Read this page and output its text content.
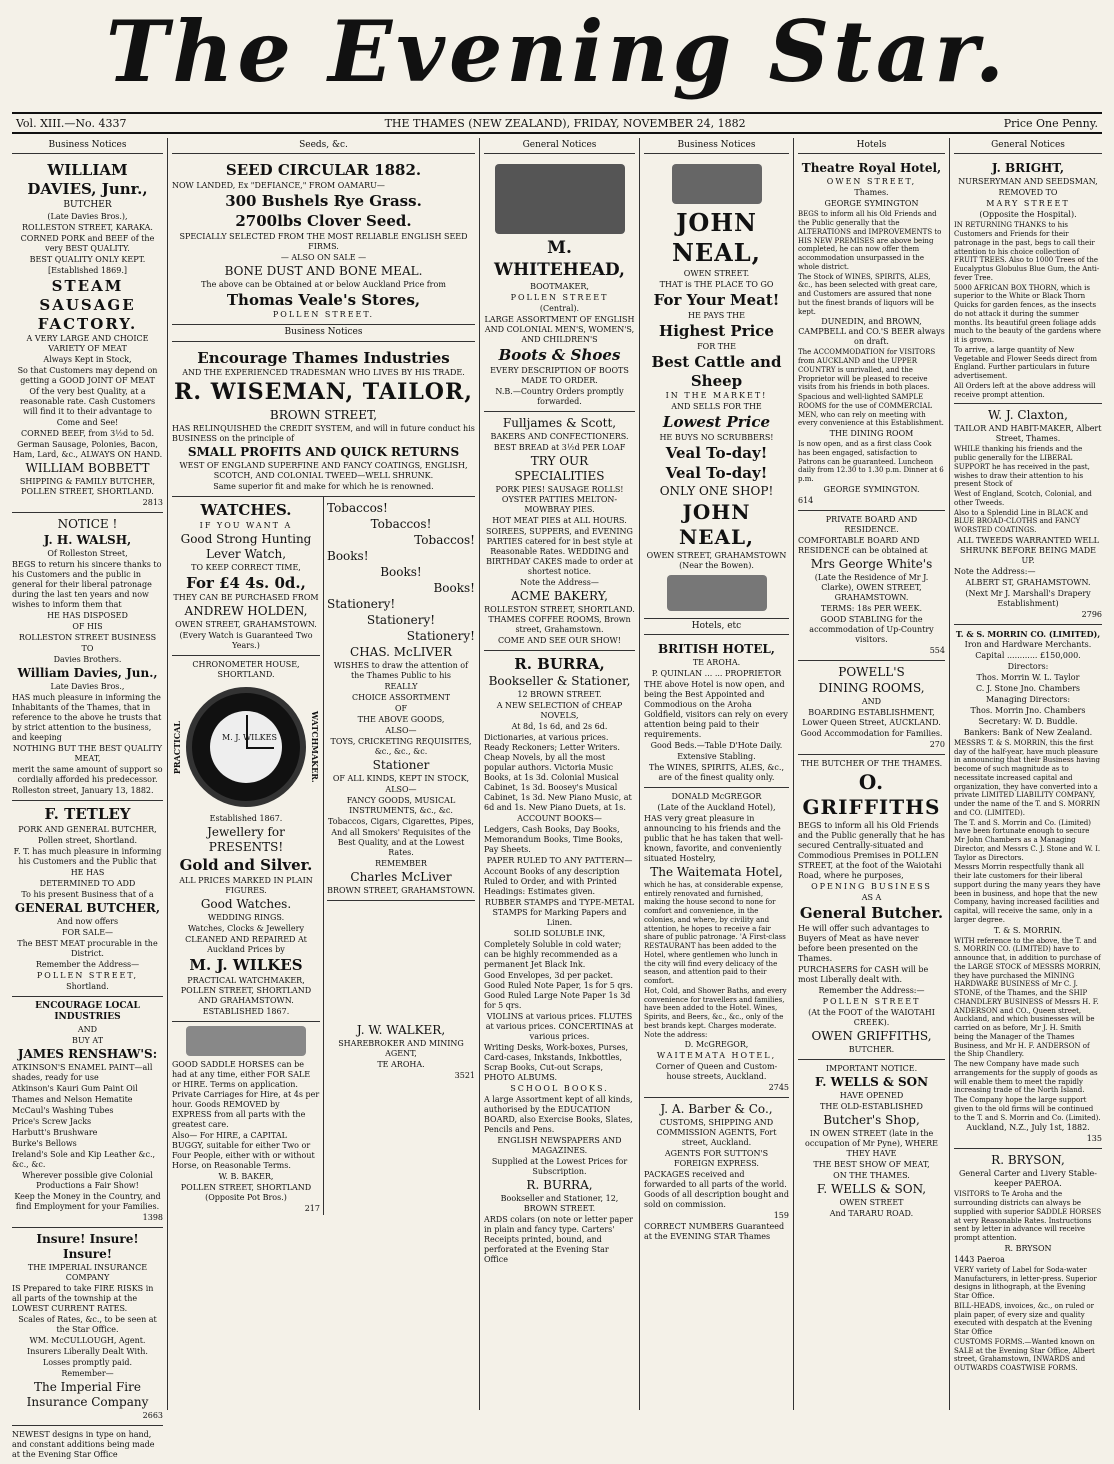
The Evening Star.
Vol. XIII.—No. 4337	THE THAMES (NEW ZEALAND), FRIDAY, NOVEMBER 24, 1882	Price One Penny.
Business Notices

WILLIAM DAVIES, Junr.,

BUTCHER

(Late Davies Bros.),

ROLLESTON STREET, KARAKA.

CORNED PORK and BEEF of the very BEST QUALITY.

BEST QUALITY ONLY KEPT.

[Established 1869.]

STEAM SAUSAGE FACTORY.

A VERY LARGE AND CHOICE VARIETY OF MEAT

Always Kept in Stock,

So that Customers may depend on getting a GOOD JOINT OF MEAT

Of the very best Quality, at a reasonable rate. Cash Customers will find it to their advantage to

Come and See!

CORNED BEEF, from 3½d to 5d.

German Sausage, Polonies, Bacon, Ham, Lard, &c., ALWAYS ON HAND.

WILLIAM BOBBETT

SHIPPING & FAMILY BUTCHER, POLLEN STREET, SHORTLAND.

2813

NOTICE !

J. H. WALSH,

Of Rolleston Street,

BEGS to return his sincere thanks to his Customers and the public in general for their liberal patronage during the last ten years and now wishes to inform them that

HE HAS DISPOSED

OF HIS

ROLLESTON STREET BUSINESS

TO

Davies Brothers.

William Davies, Jun.,

Late Davies Bros.,

HAS much pleasure in informing the Inhabitants of the Thames, that in reference to the above he trusts that by strict attention to the business, and keeping

NOTHING BUT THE BEST QUALITY MEAT,

merit the same amount of support so cordially afforded his predecessor.

Rolleston street, January 13, 1882.

F. TETLEY

PORK AND GENERAL BUTCHER,

Pollen street, Shortland.

F. T. has much pleasure in informing his Customers and the Public that

HE HAS

DETERMINED TO ADD

To his present Business that of a

GENERAL BUTCHER,

And now offers

FOR SALE—

The BEST MEAT procurable in the District.

Remember the Address—

POLLEN STREET,

Shortland.

ENCOURAGE LOCAL INDUSTRIES

AND

BUY AT

JAMES RENSHAW'S:

ATKINSON'S ENAMEL PAINT—all shades, ready for use

Atkinson's Kauri Gum Paint Oil

Thames and Nelson Hematite

McCaul's Washing Tubes

Price's Screw Jacks

Harbutt's Brushware

Burke's Bellows

Ireland's Sole and Kip Leather &c., &c., &c.

Wherever possible give Colonial Productions a Fair Show!

Keep the Money in the Country, and find Employment for your Families.

1398

Insure! Insure! Insure!

THE IMPERIAL INSURANCE COMPANY

IS Prepared to take FIRE RISKS in all parts of the township at the LOWEST CURRENT RATES.

Scales of Rates, &c., to be seen at the Star Office.

WM. McCULLOUGH, Agent.

Insurers Liberally Dealt With.

Losses promptly paid.

Remember—

The Imperial Fire Insurance Company

2663

NEWEST designs in type on hand, and constant additions being made at the Evening Star Office

Seeds, &c.

SEED CIRCULAR 1882.

NOW LANDED, Ex "DEFIANCE," FROM OAMARU—

300 Bushels Rye Grass.

2700lbs Clover Seed.

SPECIALLY SELECTED FROM THE MOST RELIABLE ENGLISH SEED FIRMS.

— ALSO ON SALE —

BONE DUST AND BONE MEAL.

The above can be Obtained at or below Auckland Price from

Thomas Veale's Stores,

POLLEN STREET.

Business Notices

Encourage Thames Industries

AND THE EXPERIENCED TRADESMAN WHO LIVES BY HIS TRADE.

R. WISEMAN, TAILOR,

BROWN STREET,

HAS RELINQUISHED the CREDIT SYSTEM, and will in future conduct his BUSINESS on the principle of

SMALL PROFITS AND QUICK RETURNS

WEST OF ENGLAND SUPERFINE AND FANCY COATINGS, ENGLISH, SCOTCH, AND COLONIAL TWEED—WELL SHRUNK.

Same superior fit and make for which he is renowned.

WATCHES.

IF YOU WANT A

Good Strong Hunting Lever Watch,

TO KEEP CORRECT TIME,

For £4 4s. 0d.,

THEY CAN BE PURCHASED FROM

ANDREW HOLDEN,

OWEN STREET, GRAHAMSTOWN.

(Every Watch is Guaranteed Two Years.)

CHRONOMETER HOUSE, SHORTLAND.

PRACTICAL	M. J. WILKES	WATCHMAKER.

Established 1867.

Jewellery for PRESENTS!

Gold and Silver.

ALL PRICES MARKED IN PLAIN FIGURES.

Good Watches.

WEDDING RINGS.

Watches, Clocks & Jewellery

CLEANED AND REPAIRED At Auckland Prices by

M. J. WILKES

PRACTICAL WATCHMAKER, POLLEN STREET, SHORTLAND AND GRAHAMSTOWN.

ESTABLISHED 1867.

Tobaccos!

Tobaccos!

Tobaccos!

Books!

Books!

Books!

Stationery!

Stationery!

Stationery!

CHAS. McLIVER

WISHES to draw the attention of the Thames Public to his

REALLY

CHOICE ASSORTMENT

OF

THE ABOVE GOODS,

ALSO—

TOYS, CRICKETING REQUISITES, &c., &c., &c.

Stationer

OF ALL KINDS, KEPT IN STOCK,

ALSO—

FANCY GOODS, MUSICAL INSTRUMENTS, &c., &c.

Tobaccos, Cigars, Cigarettes, Pipes,

And all Smokers' Requisites of the Best Quality, and at the Lowest Rates.

REMEMBER

Charles McLiver

BROWN STREET, GRAHAMSTOWN.

GOOD SADDLE HORSES can be had at any time, either FOR SALE or HIRE. Terms on application. Private Carriages for Hire, at 4s per hour. Goods REMOVED by EXPRESS from all parts with the greatest care.

Also— For HIRE, a CAPITAL BUGGY, suitable for either Two or Four People, either with or without Horse, on Reasonable Terms.

W. B. BAKER,

POLLEN STREET, SHORTLAND (Opposite Pot Bros.)

217

J. W. WALKER,

SHAREBROKER AND MINING AGENT,

TE AROHA.

3521

General Notices

M. WHITEHEAD,

BOOTMAKER,

POLLEN STREET

(Central).

LARGE ASSORTMENT OF ENGLISH AND COLONIAL MEN'S, WOMEN'S, AND CHILDREN'S

Boots & Shoes

EVERY DESCRIPTION OF BOOTS MADE TO ORDER.

N.B.—Country Orders promptly forwarded.

Fulljames & Scott,

BAKERS AND CONFECTIONERS.

BEST BREAD at 3½d PER LOAF

TRY OUR SPECIALITIES

PORK PIES! SAUSAGE ROLLS! OYSTER PATTIES MELTON-MOWBRAY PIES.

HOT MEAT PIES at ALL HOURS.

SOIREES, SUPPERS, and EVENING PARTIES catered for in best style at Reasonable Rates. WEDDING and BIRTHDAY CAKES made to order at shortest notice.

Note the Address—

ACME BAKERY,

ROLLESTON STREET, SHORTLAND. THAMES COFFEE ROOMS, Brown street, Grahamstown.

COME AND SEE OUR SHOW!

R. BURRA,

Bookseller & Stationer,

12 BROWN STREET.

A NEW SELECTION of CHEAP NOVELS,

At 8d, 1s 6d, and 2s 6d.

Dictionaries, at various prices. Ready Reckoners; Letter Writers. Cheap Novels, by all the most popular authors. Victoria Music Books, at 1s 3d. Colonial Musical Cabinet, 1s 3d. Boosey's Musical Cabinet, 1s 3d. New Piano Music, at 6d and 1s. New Piano Duets, at 1s.

ACCOUNT BOOKS—

Ledgers, Cash Books, Day Books, Memorandum Books, Time Books, Pay Sheets.

PAPER RULED TO ANY PATTERN—

Account Books of any description Ruled to Order, and with Printed Headings: Estimates given.

RUBBER STAMPS and TYPE-METAL STAMPS for Marking Papers and Linen.

SOLID SOLUBLE INK,

Completely Soluble in cold water; can be highly recommended as a permanent Jet Black Ink.

Good Envelopes, 3d per packet. Good Ruled Note Paper, 1s for 5 qrs. Good Ruled Large Note Paper 1s 3d for 5 qrs.

VIOLINS at various prices. FLUTES at various prices. CONCERTINAS at various prices.

Writing Desks, Work-boxes, Purses, Card-cases, Inkstands, Inkbottles, Scrap Books, Cut-out Scraps, PHOTO ALBUMS.

SCHOOL BOOKS.

A large Assortment kept of all kinds, authorised by the EDUCATION BOARD, also Exercise Books, Slates, Pencils and Pens.

ENGLISH NEWSPAPERS AND MAGAZINES.

Supplied at the Lowest Prices for Subscription.

R. BURRA,

Bookseller and Stationer, 12, BROWN STREET.

ARDS colars (on note or letter paper in plain and fancy type. Carters' Receipts printed, bound, and perforated at the Evening Star Office

Business Notices

JOHN NEAL,

OWEN STREET.

THAT is THE PLACE TO GO

For Your Meat!

HE PAYS THE

Highest Price

FOR THE

Best Cattle and Sheep

IN THE MARKET!

AND SELLS FOR THE

Lowest Price

HE BUYS NO SCRUBBERS!

Veal To-day!

Veal To-day!

ONLY ONE SHOP!

JOHN NEAL,

OWEN STREET, GRAHAMSTOWN (Near the Bowen).

Hotels, etc

BRITISH HOTEL,

TE AROHA.

P. QUINLAN ... ... PROPRIETOR

THE above Hotel is now open, and being the Best Appointed and Commodious on the Aroha Goldfield, visitors can rely on every attention being paid to their requirements.

Good Beds.—Table D'Hote Daily.

Extensive Stabling.

The WINES, SPIRITS, ALES, &c., are of the finest quality only.

DONALD McGREGOR

(Late of the Auckland Hotel),

HAS very great pleasure in announcing to his friends and the public that he has taken that well-known, favorite, and conveniently situated Hostelry,

The Waitemata Hotel,

which he has, at considerable expense, entirely renovated and furnished, making the house second to none for comfort and convenience, in the colonies, and where, by civility and attention, he hopes to receive a fair share of public patronage. 'A First-class RESTAURANT has been added to the Hotel, where gentlemen who lunch in the city will find every delicacy of the season, and attention paid to their comfort.

Hot, Cold, and Shower Baths, and every convenience for travellers and families, have been added to the Hotel. Wines, Spirits, and Beers, &c., &c., only of the best brands kept. Charges moderate. Note the address:

D. McGREGOR,

WAITEMATA HOTEL,

Corner of Queen and Custom-house streets, Auckland.

2745

J. A. Barber & Co.,

CUSTOMS, SHIPPING AND COMMISSION AGENTS, Fort street, Auckland.

AGENTS FOR SUTTON'S FOREIGN EXPRESS.

PACKAGES received and forwarded to all parts of the world. Goods of all description bought and sold on commission.

159

CORRECT NUMBERS Guaranteed at the EVENING STAR Thames

Hotels

Theatre Royal Hotel,

OWEN STREET,

Thames.

GEORGE SYMINGTON

BEGS to inform all his Old Friends and the Public generally that the ALTERATIONS and IMPROVEMENTS to HIS NEW PREMISES are above being completed, he can now offer them accommodation unsurpassed in the whole district.

The Stock of WINES, SPIRITS, ALES, &c., has been selected with great care, and Customers are assured that none but the finest brands of liquors will be kept.

DUNEDIN, and BROWN, CAMPBELL and CO.'S BEER always on draft.

The ACCOMMODATION for VISITORS from AUCKLAND and the UPPER COUNTRY is unrivalled, and the Proprietor will be pleased to receive visits from his friends in both places.

Spacious and well-lighted SAMPLE ROOMS for the use of COMMERCIAL MEN, who can rely on meeting with every convenience at this Establishment.

THE DINING ROOM

Is now open, and as a first class Cook has been engaged, satisfaction to Patrons can be guaranteed. Luncheon daily from 12.30 to 1.30 p.m. Dinner at 6 p.m.

GEORGE SYMINGTON.

614

PRIVATE BOARD AND RESIDENCE.

COMFORTABLE BOARD AND RESIDENCE can be obtained at

Mrs George White's

(Late the Residence of Mr J. Clarke), OWEN STREET, GRAHAMSTOWN.

TERMS: 18s PER WEEK.

GOOD STABLING for the accommodation of Up-Country visitors.

554

POWELL'S

DINING ROOMS,

AND

BOARDING ESTABLISHMENT, Lower Queen Street, AUCKLAND.

Good Accommodation for Families.

270

THE BUTCHER OF THE THAMES.

O. GRIFFITHS

BEGS to inform all his Old Friends and the Public generally that he has secured Centrally-situated and Commodious Premises in POLLEN STREET, at the foot of the Waiotahi Road, where he purposes,

OPENING BUSINESS

AS A

General Butcher.

He will offer such advantages to Buyers of Meat as have never before been presented on the Thames.

PURCHASERS for CASH will be most Liberally dealt with.

Remember the Address:—

POLLEN STREET

(At the FOOT of the WAIOTAHI CREEK).

OWEN GRIFFITHS,

BUTCHER.

IMPORTANT NOTICE.

F. WELLS & SON

HAVE OPENED

THE OLD-ESTABLISHED

Butcher's Shop,

IN OWEN STREET (late in the occupation of Mr Pyne), WHERE THEY HAVE

THE BEST SHOW OF MEAT,

ON THE THAMES.

F. WELLS & SON,

OWEN STREET

And TARARU ROAD.

General Notices

J. BRIGHT,

NURSERYMAN AND SEEDSMAN,

REMOVED TO

MARY STREET

(Opposite the Hospital).

IN RETURNING THANKS to his Customers and Friends for their patronage in the past, begs to call their attention to his choice collection of FRUIT TREES. Also to 1000 Trees of the Eucalyptus Globulus Blue Gum, the Anti-fever Tree.

5000 AFRICAN BOX THORN, which is superior to the White or Black Thorn Quicks for garden fences, as the insects do not attack it during the summer months. Its beautiful green foliage adds much to the beauty of the gardens where it is grown.

To arrive, a large quantity of New Vegetable and Flower Seeds direct from England. Further particulars in future advertisement.

All Orders left at the above address will receive prompt attention.

W. J. Claxton,

TAILOR AND HABIT-MAKER, Albert Street, Thames.

WHILE thanking his friends and the public generally for the LIBERAL SUPPORT he has received in the past, wishes to draw their attention to his present Stock of

West of England, Scotch, Colonial, and other Tweeds.

Also to a Splendid Line in BLACK and BLUE BROAD-CLOTHS and FANCY WORSTED COATINGS.

ALL TWEEDS WARRANTED WELL SHRUNK BEFORE BEING MADE UP.

Note the Address:—

ALBERT ST, GRAHAMSTOWN.

(Next Mr J. Marshall's Drapery Establishment)

2796

T. & S. MORRIN CO. (LIMITED),

Iron and Hardware Merchants.

Capital ............ £150,000.

Directors:

Thos. Morrin W. L. Taylor

C. J. Stone Jno. Chambers

Managing Directors:

Thos. Morrin Jno. Chambers

Secretary: W. D. Buddle.

Bankers: Bank of New Zealand.

MESSRS T. & S. MORRIN, this the first day of the half-year, have much pleasure in announcing that their Business having become of such magnitude as to necessitate increased capital and organization, they have converted into a private LIMITED LIABILITY COMPANY, under the name of the T. and S. MORRIN and CO. (LIMITED).

The T. and S. Morrin and Co. (Limited) have been fortunate enough to secure Mr John Chambers as a Managing Director, and Messrs C. J. Stone and W. I. Taylor as Directors.

Messrs Morrin respectfully thank all their late customers for their liberal support during the many years they have been in business, and hope that the new Company, having increased facilities and capital, will receive the same, only in a larger degree.

T. & S. MORRIN.

WITH reference to the above, the T. and S. MORRIN CO. (LIMITED) have to announce that, in addition to purchase of the LARGE STOCK of MESSRS MORRIN, they have purchased the MINING HARDWARE BUSINESS of Mr C. J. STONE, of the Thames, and the SHIP CHANDLERY BUSINESS of Messrs H. F. ANDERSON and CO., Queen street, Auckland, and which businesses will be carried on as before, Mr J. H. Smith being the Manager of the Thames Business, and Mr H. F. ANDERSON of the Ship Chandlery.

The new Company have made such arrangements for the supply of goods as will enable them to meet the rapidly increasing trade of the North Island.

The Company hope the large support given to the old firms will be continued to the T. and S. Morrin and Co. (Limited).

Auckland, N.Z., July 1st, 1882.

135

R. BRYSON,

General Carter and Livery Stable-keeper PAEROA.

VISITORS to Te Aroha and the surrounding districts can always be supplied with superior SADDLE HORSES at very Reasonable Rates. Instructions sent by letter in advance will receive prompt attention.

R. BRYSON

1443 Paeroa

VERY variety of Label for Soda-water Manufacturers, in letter-press. Superior designs in lithograph, at the Evening Star Office.

BILL-HEADS, invoices, &c., on ruled or plain paper, of every size and quality executed with despatch at the Evening Star Office

CUSTOMS FORMS.—Wanted known on SALE at the Evening Star Office, Albert street, Grahamstown, INWARDS and OUTWARDS COASTWISE FORMS.
